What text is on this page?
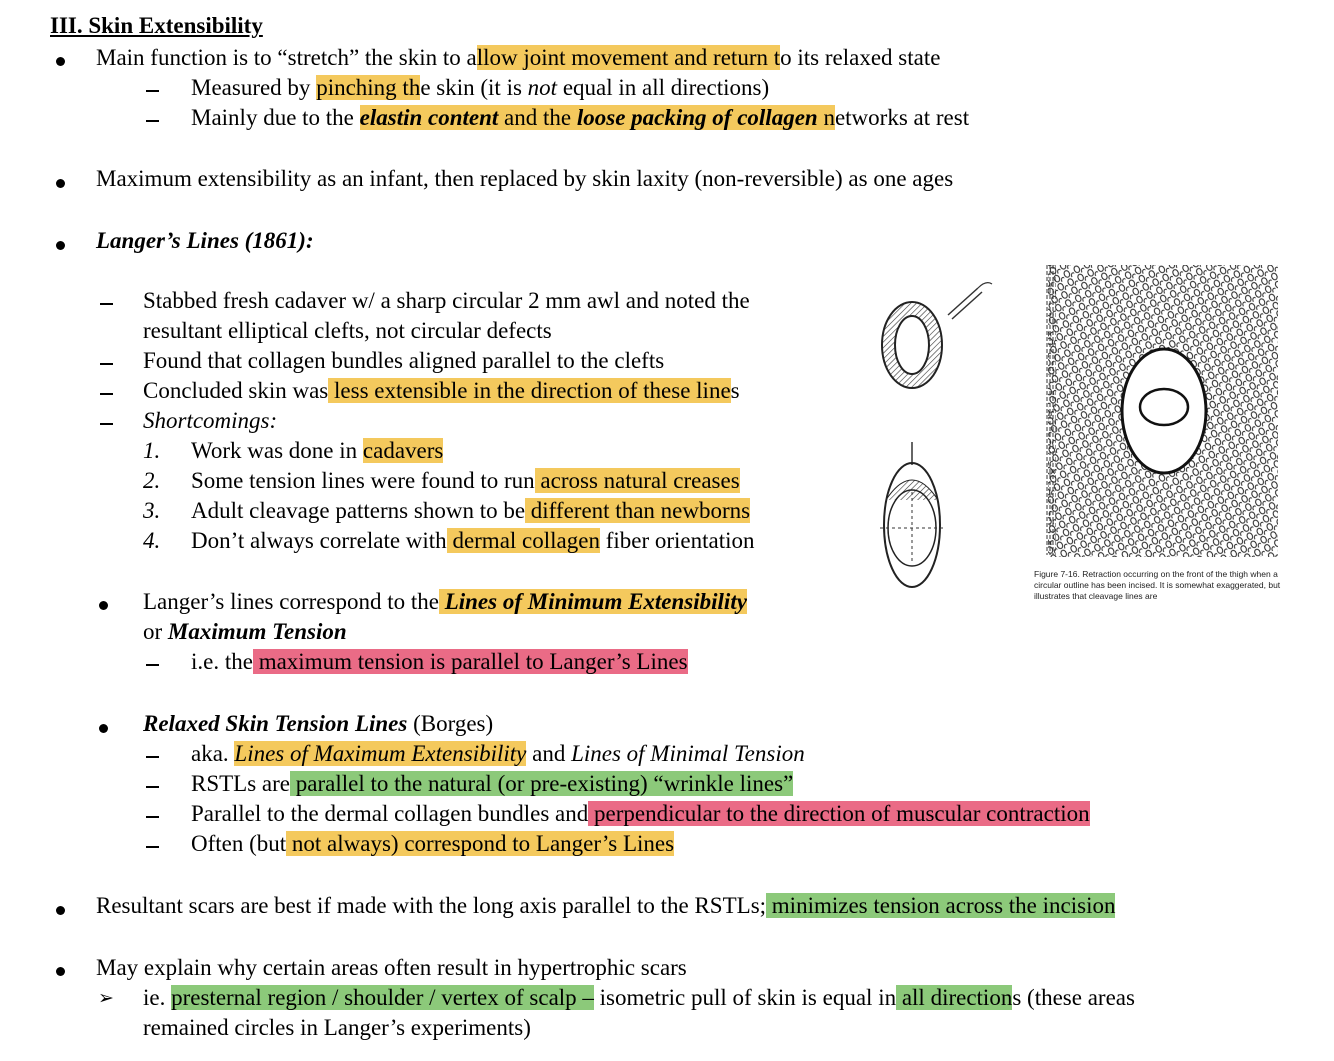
III. Skin Extensibility
Main function is to “stretch” the skin to allow joint movement and return to its relaxed state
Measured by pinching the skin (it is not equal in all directions)
Mainly due to the elastin content and the loose packing of collagen networks at rest
Maximum extensibility as an infant, then replaced by skin laxity (non-reversible) as one ages
Langer’s Lines (1861):
Stabbed fresh cadaver w/ a sharp circular 2 mm awl and noted the
resultant elliptical clefts, not circular defects
Found that collagen bundles aligned parallel to the clefts
Concluded skin was less extensible in the direction of these lines
Shortcomings:
1. Work was done in cadavers
2. Some tension lines were found to run across natural creases
3. Adult cleavage patterns shown to be different than newborns
4. Don’t always correlate with dermal collagen fiber orientation
Langer’s lines correspond to the Lines of Minimum Extensibility
or Maximum Tension
i.e. the maximum tension is parallel to Langer’s Lines
Relaxed Skin Tension Lines (Borges)
aka. Lines of Maximum Extensibility and Lines of Minimal Tension
RSTLs are parallel to the natural (or pre-existing) “wrinkle lines”
Parallel to the dermal collagen bundles and perpendicular to the direction of muscular contraction
Often (but not always) correspond to Langer’s Lines
Resultant scars are best if made with the long axis parallel to the RSTLs; minimizes tension across the incision
May explain why certain areas often result in hypertrophic scars
➢ ie. presternal region / shoulder / vertex of scalp – isometric pull of skin is equal in all directions (these areas
remained circles in Langer’s experiments)
Figure 7-16. Retraction occurring on the front of the thigh when a circular outline has been incised. It is somewhat exaggerated, but illustrates that cleavage lines are
